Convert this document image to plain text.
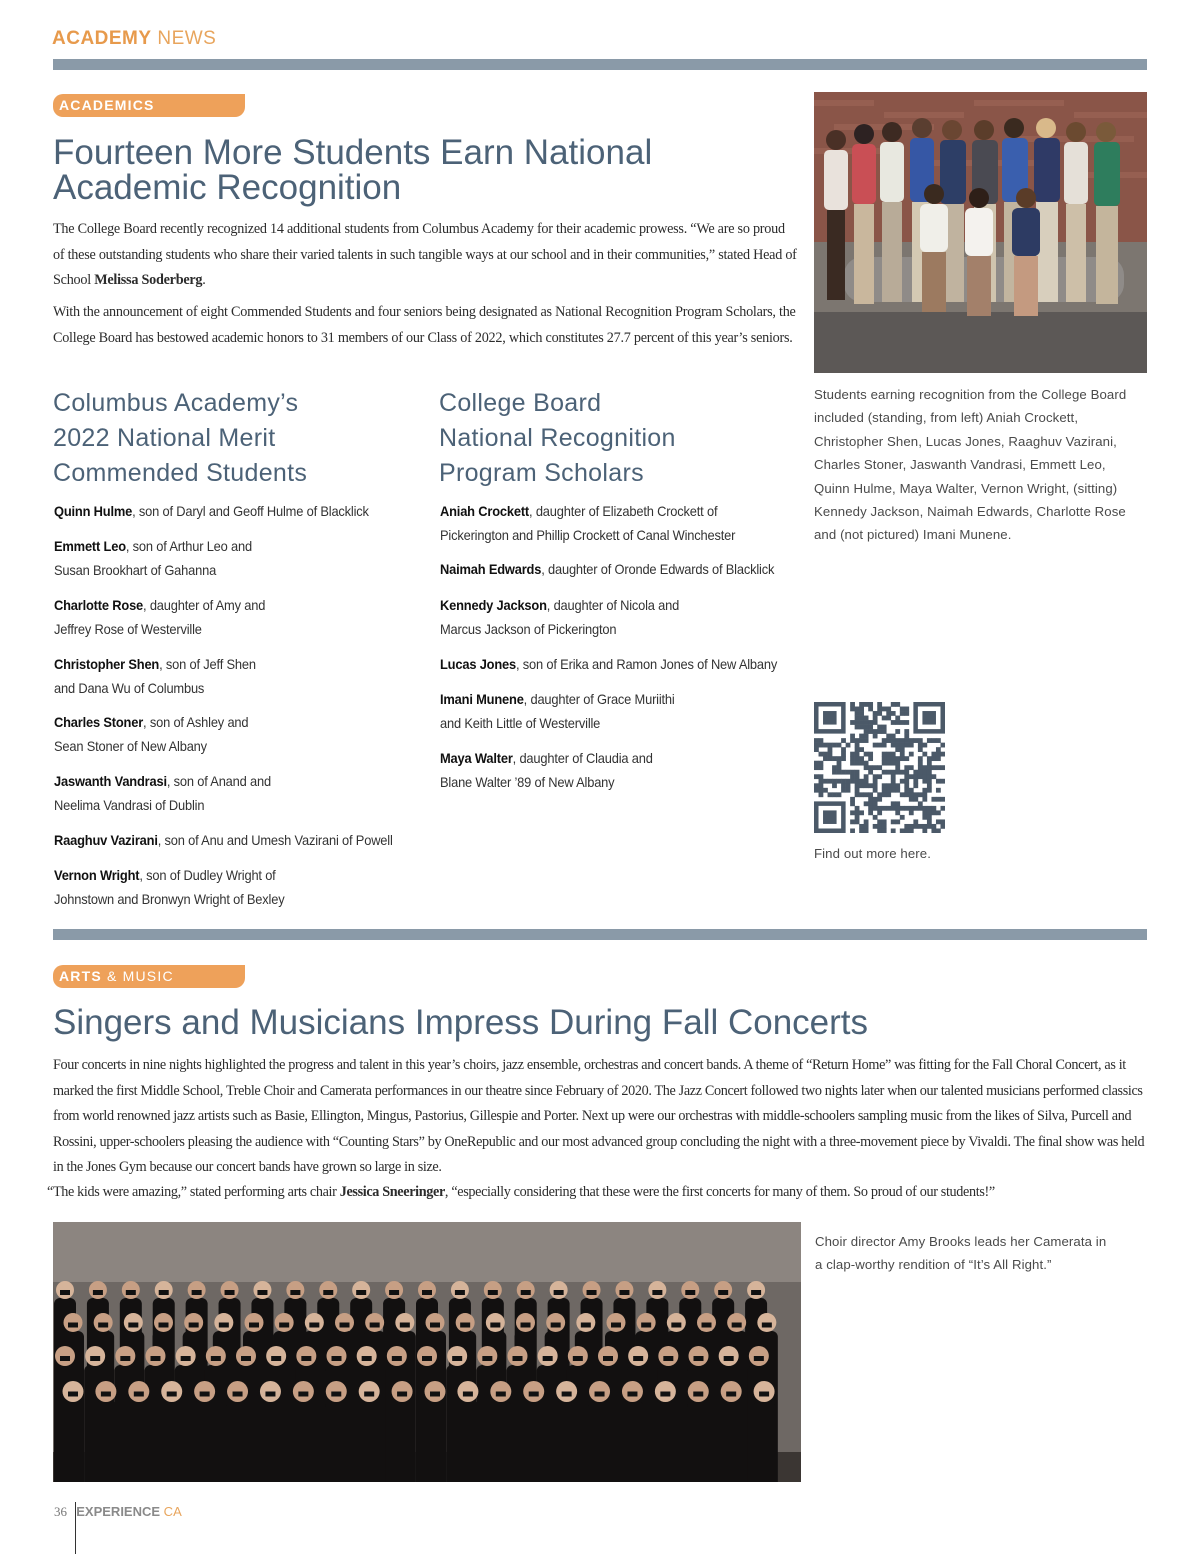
ACADEMY NEWS
ACADEMICS
Fourteen More Students Earn National
Academic Recognition
The College Board recently recognized 14 additional students from Columbus Academy for their academic prowess. “We are so proud of these outstanding students who share their varied talents in such tangible ways at our school and in their communities,” stated Head of School Melissa Soderberg.
With the announcement of eight Commended Students and four seniors being designated as National Recognition Program Scholars, the College Board has bestowed academic honors to 31 members of our Class of 2022, which constitutes 27.7 percent of this year’s seniors.
Columbus Academy’s
2022 National Merit
Commended Students
Quinn Hulme, son of Daryl and Geoff Hulme of Blacklick
Emmett Leo, son of Arthur Leo and
Susan Brookhart of Gahanna
Charlotte Rose, daughter of Amy and
Jeffrey Rose of Westerville
Christopher Shen, son of Jeff Shen
and Dana Wu of Columbus
Charles Stoner, son of Ashley and
Sean Stoner of New Albany
Jaswanth Vandrasi, son of Anand and
Neelima Vandrasi of Dublin
Raaghuv Vazirani, son of Anu and Umesh Vazirani of Powell
Vernon Wright, son of Dudley Wright of
Johnstown and Bronwyn Wright of Bexley
College Board
National Recognition
Program Scholars
Aniah Crockett, daughter of Elizabeth Crockett of
Pickerington and Phillip Crockett of Canal Winchester
Naimah Edwards, daughter of Oronde Edwards of Blacklick
Kennedy Jackson, daughter of Nicola and
Marcus Jackson of Pickerington
Lucas Jones, son of Erika and Ramon Jones of New Albany
Imani Munene, daughter of Grace Muriithi
and Keith Little of Westerville
Maya Walter, daughter of Claudia and
Blane Walter ’89 of New Albany
Students earning recognition from the College Board included (standing, from left) Aniah Crockett, Christopher Shen, Lucas Jones, Raaghuv Vazirani, Charles Stoner, Jaswanth Vandrasi, Emmett Leo, Quinn Hulme, Maya Walter, Vernon Wright, (sitting) Kennedy Jackson, Naimah Edwards, Charlotte Rose and (not pictured) Imani Munene.
Find out more here.
ARTS & MUSIC
Singers and Musicians Impress During Fall Concerts
Four concerts in nine nights highlighted the progress and talent in this year’s choirs, jazz ensemble, orchestras and concert bands. A theme of “Return Home” was fitting for the Fall Choral Concert, as it marked the first Middle School, Treble Choir and Camerata performances in our theatre since February of 2020. The Jazz Concert followed two nights later when our talented musicians performed classics from world renowned jazz artists such as Basie, Ellington, Mingus, Pastorius, Gillespie and Porter. Next up were our orchestras with middle-schoolers sampling music from the likes of Silva, Purcell and Rossini, upper-schoolers pleasing the audience with “Counting Stars” by OneRepublic and our most advanced group concluding the night with a three-movement piece by Vivaldi. The final show was held in the Jones Gym because our concert bands have grown so large in size.
“The kids were amazing,” stated performing arts chair Jessica Sneeringer, “especially considering that these were the first concerts for many of them. So proud of our students!”
Choir director Amy Brooks leads her Camerata in a clap-worthy rendition of “It’s All Right.”
36 EXPERIENCE CA
